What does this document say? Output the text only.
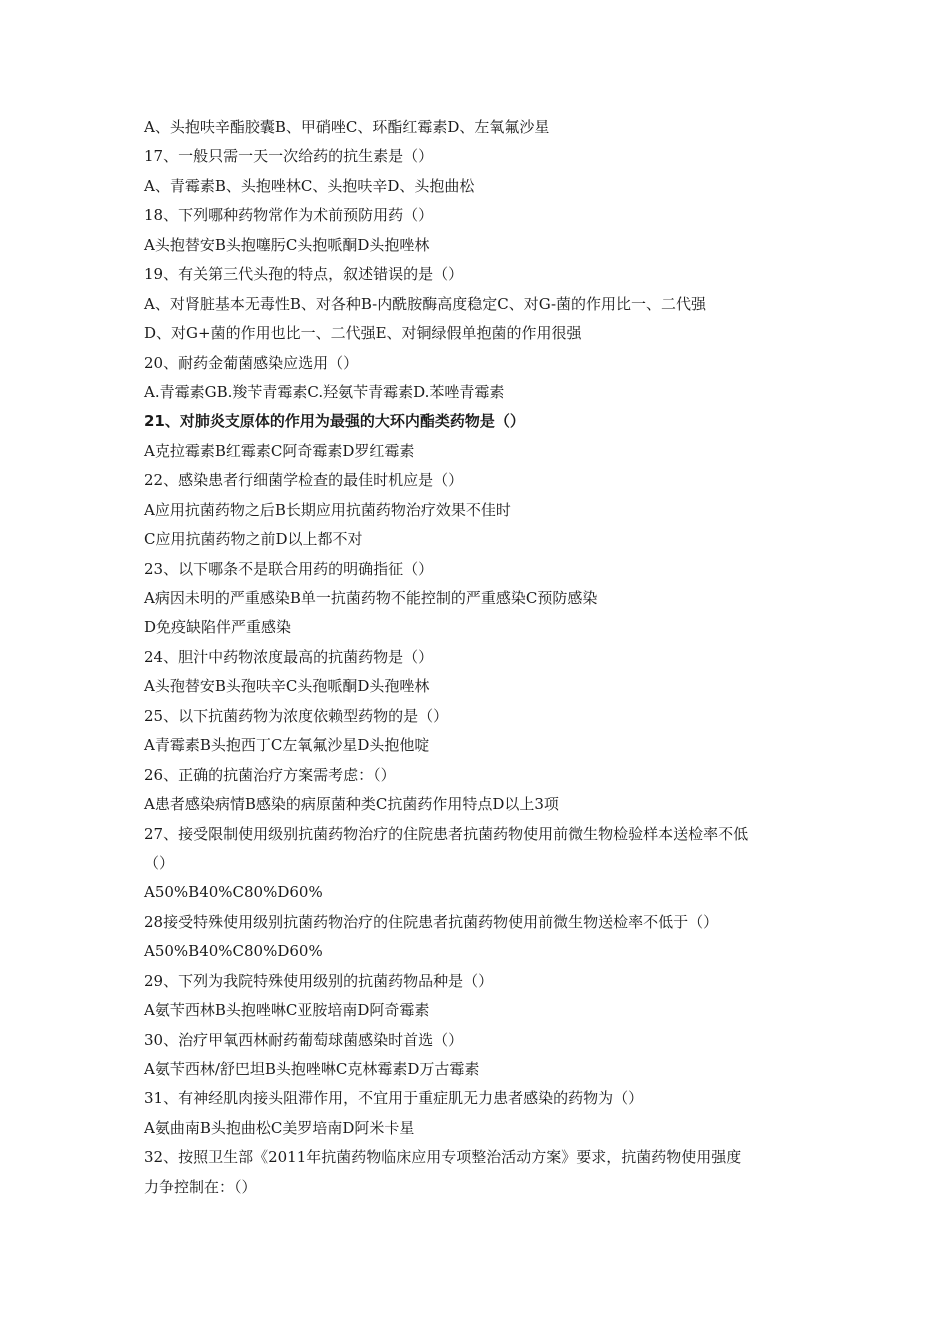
A、头抱呋辛酯胶囊B、甲硝唑C、环酯红霉素D、左氧氟沙星
17、一般只需一天一次给药的抗生素是（）
A、青霉素B、头抱唑林C、头抱呋辛D、头抱曲松
18、下列哪种药物常作为术前预防用药（）
A头抱替安B头抱噻肟C头抱哌酮D头抱唑林
19、有关第三代头孢的特点，叙述错误的是（）
A、对肾脏基本无毒性B、对各种B-内酰胺酶高度稳定C、对G-菌的作用比一、二代强
D、对G+菌的作用也比一、二代强E、对铜绿假单抱菌的作用很强
20、耐药金葡菌感染应选用（）
A.青霉素GB.羧苄青霉素C.羟氨苄青霉素D.苯唑青霉素
21、对肺炎支原体的作用为最强的大环内酯类药物是（）
A克拉霉素B红霉素C阿奇霉素D罗红霉素
22、感染患者行细菌学检查的最佳时机应是（）
A应用抗菌药物之后B长期应用抗菌药物治疗效果不佳时
C应用抗菌药物之前D以上都不对
23、以下哪条不是联合用药的明确指征（）
A病因未明的严重感染B单一抗菌药物不能控制的严重感染C预防感染
D免疫缺陷伴严重感染
24、胆汁中药物浓度最高的抗菌药物是（）
A头孢替安B头孢呋辛C头孢哌酮D头孢唑林
25、以下抗菌药物为浓度依赖型药物的是（）
A青霉素B头抱西丁C左氧氟沙星D头抱他啶
26、正确的抗菌治疗方案需考虑：（）
A患者感染病情B感染的病原菌种类C抗菌药作用特点D以上3项
27、接受限制使用级别抗菌药物治疗的住院患者抗菌药物使用前微生物检验样本送检率不低
（）
A50%B40%C80%D60%
28接受特殊使用级别抗菌药物治疗的住院患者抗菌药物使用前微生物送检率不低于（）
A50%B40%C80%D60%
29、下列为我院特殊使用级别的抗菌药物品种是（）
A氨苄西林B头抱唑啉C亚胺培南D阿奇霉素
30、治疗甲氧西林耐药葡萄球菌感染时首选（）
A氨苄西林/舒巴坦B头抱唑啉C克林霉素D万古霉素
31、有神经肌肉接头阻滞作用，不宜用于重症肌无力患者感染的药物为（）
A氨曲南B头抱曲松C美罗培南D阿米卡星
32、按照卫生部《2011年抗菌药物临床应用专项整治活动方案》要求，抗菌药物使用强度
力争控制在：（）
